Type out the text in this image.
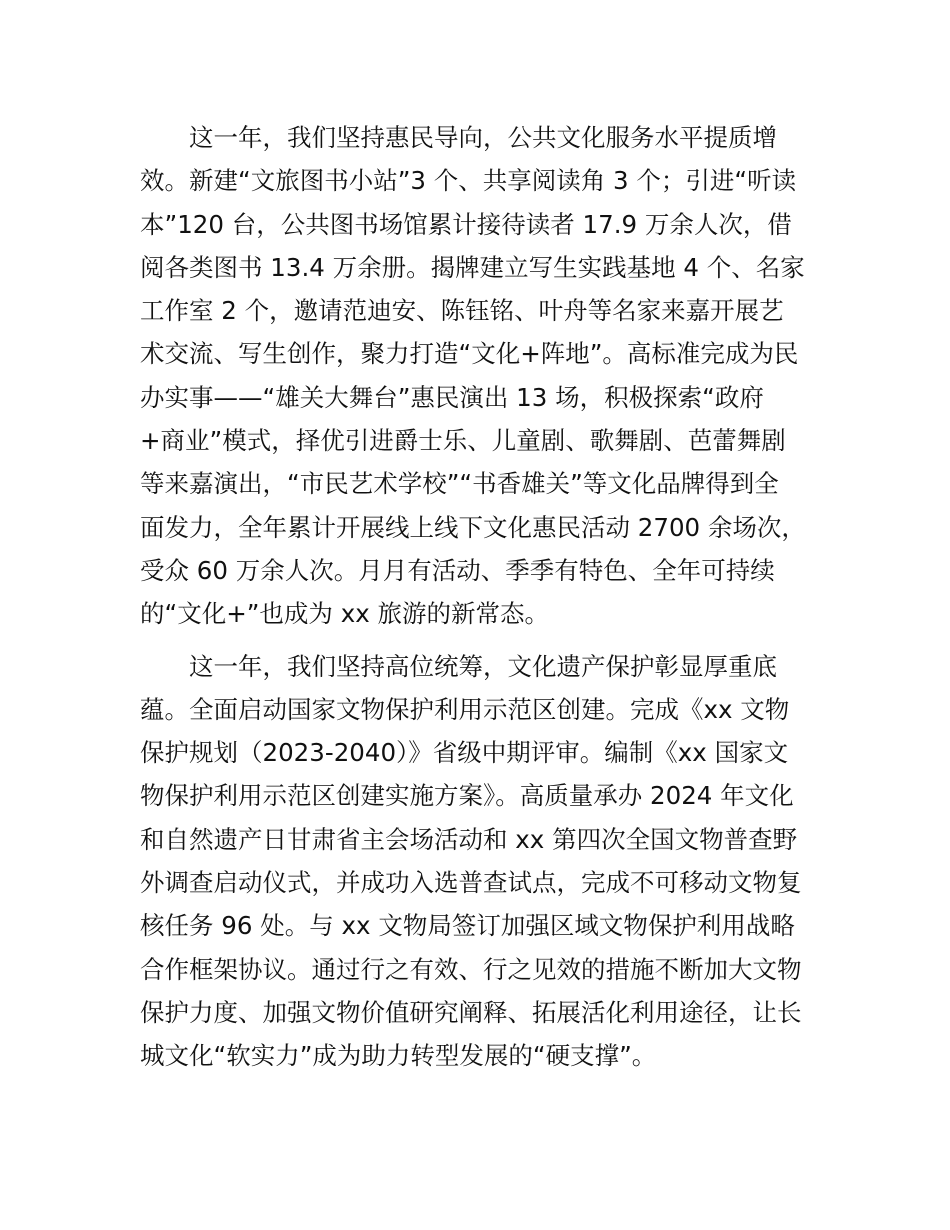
这一年，我们坚持惠民导向，公共文化服务水平提质增
效。新建“文旅图书小站”3 个、共享阅读角 3 个；引进“听读
本”120 台，公共图书场馆累计接待读者 17.9 万余人次，借
阅各类图书 13.4 万余册。揭牌建立写生实践基地 4 个、名家
工作室 2 个，邀请范迪安、陈钰铭、叶舟等名家来嘉开展艺
术交流、写生创作，聚力打造“文化+阵地”。高标准完成为民
办实事——“雄关大舞台”惠民演出 13 场，积极探索“政府
+商业”模式，择优引进爵士乐、儿童剧、歌舞剧、芭蕾舞剧
等来嘉演出，“市民艺术学校”“书香雄关”等文化品牌得到全
面发力，全年累计开展线上线下文化惠民活动 2700 余场次，
受众 60 万余人次。月月有活动、季季有特色、全年可持续
的“文化+”也成为 xx 旅游的新常态。

这一年，我们坚持高位统筹，文化遗产保护彰显厚重底
蕴。全面启动国家文物保护利用示范区创建。完成《xx 文物
保护规划（2023-2040）》省级中期评审。编制《xx 国家文
物保护利用示范区创建实施方案》。高质量承办 2024 年文化
和自然遗产日甘肃省主会场活动和 xx 第四次全国文物普查野
外调查启动仪式，并成功入选普查试点，完成不可移动文物复
核任务 96 处。与 xx 文物局签订加强区域文物保护利用战略
合作框架协议。通过行之有效、行之见效的措施不断加大文物
保护力度、加强文物价值研究阐释、拓展活化利用途径，让长
城文化“软实力”成为助力转型发展的“硬支撑”。
